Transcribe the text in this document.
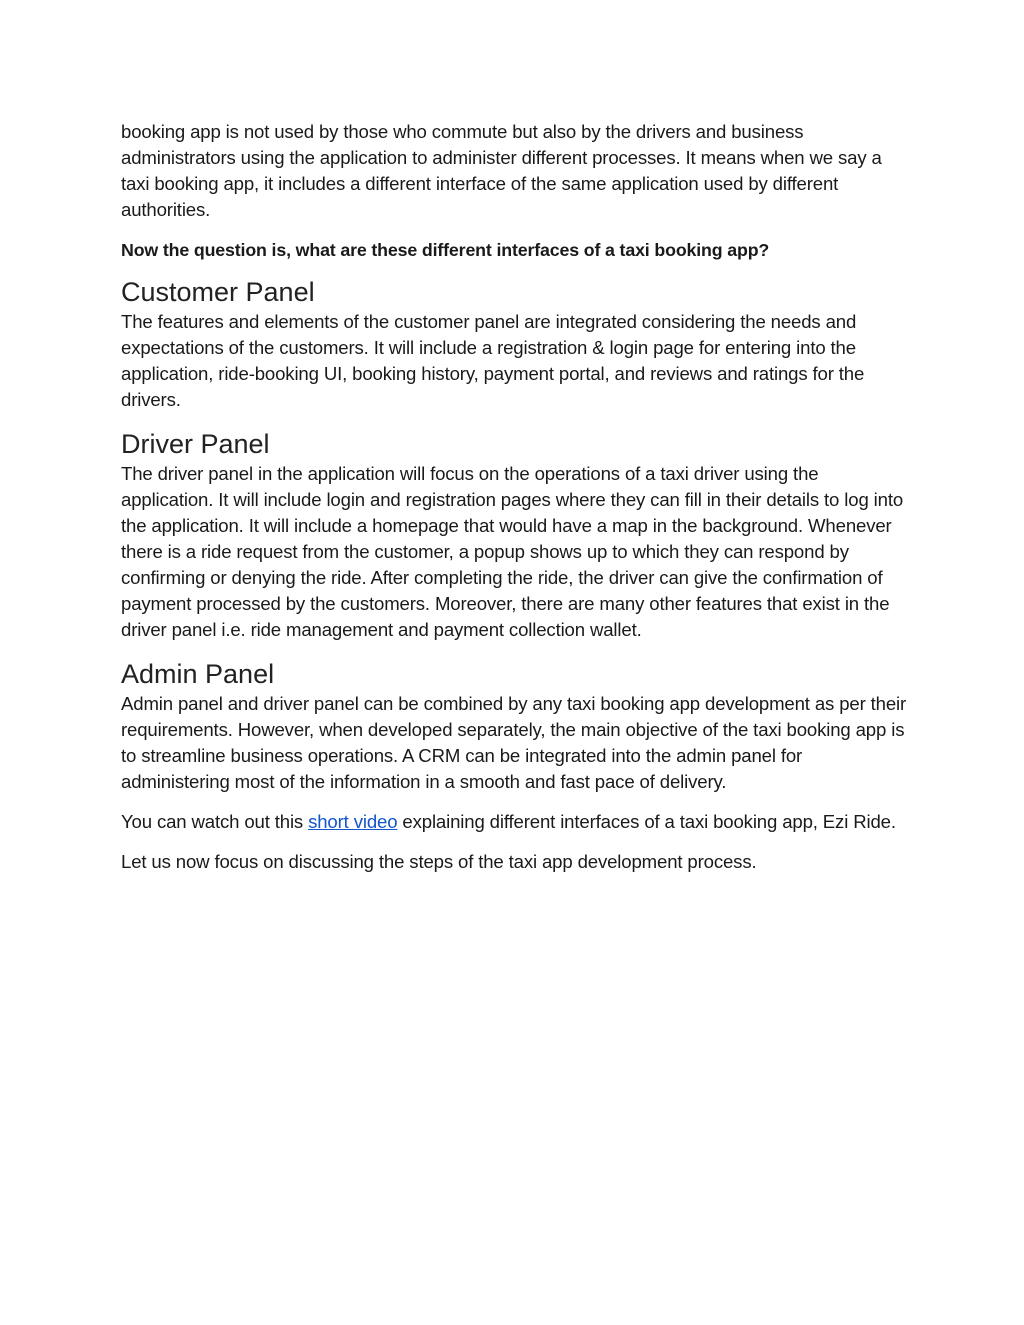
booking app is not used by those who commute but also by the drivers and business administrators using the application to administer different processes. It means when we say a taxi booking app, it includes a different interface of the same application used by different authorities.

Now the question is, what are these different interfaces of a taxi booking app?

Customer Panel

The features and elements of the customer panel are integrated considering the needs and expectations of the customers. It will include a registration & login page for entering into the application, ride-booking UI, booking history, payment portal, and reviews and ratings for the drivers.

Driver Panel

The driver panel in the application will focus on the operations of a taxi driver using the application. It will include login and registration pages where they can fill in their details to log into the application. It will include a homepage that would have a map in the background. Whenever there is a ride request from the customer, a popup shows up to which they can respond by confirming or denying the ride. After completing the ride, the driver can give the confirmation of payment processed by the customers. Moreover, there are many other features that exist in the driver panel i.e. ride management and payment collection wallet.

Admin Panel

Admin panel and driver panel can be combined by any taxi booking app development as per their requirements. However, when developed separately, the main objective of the taxi booking app is to streamline business operations. A CRM can be integrated into the admin panel for administering most of the information in a smooth and fast pace of delivery.

You can watch out this short video explaining different interfaces of a taxi booking app, Ezi Ride.

Let us now focus on discussing the steps of the taxi app development process.
